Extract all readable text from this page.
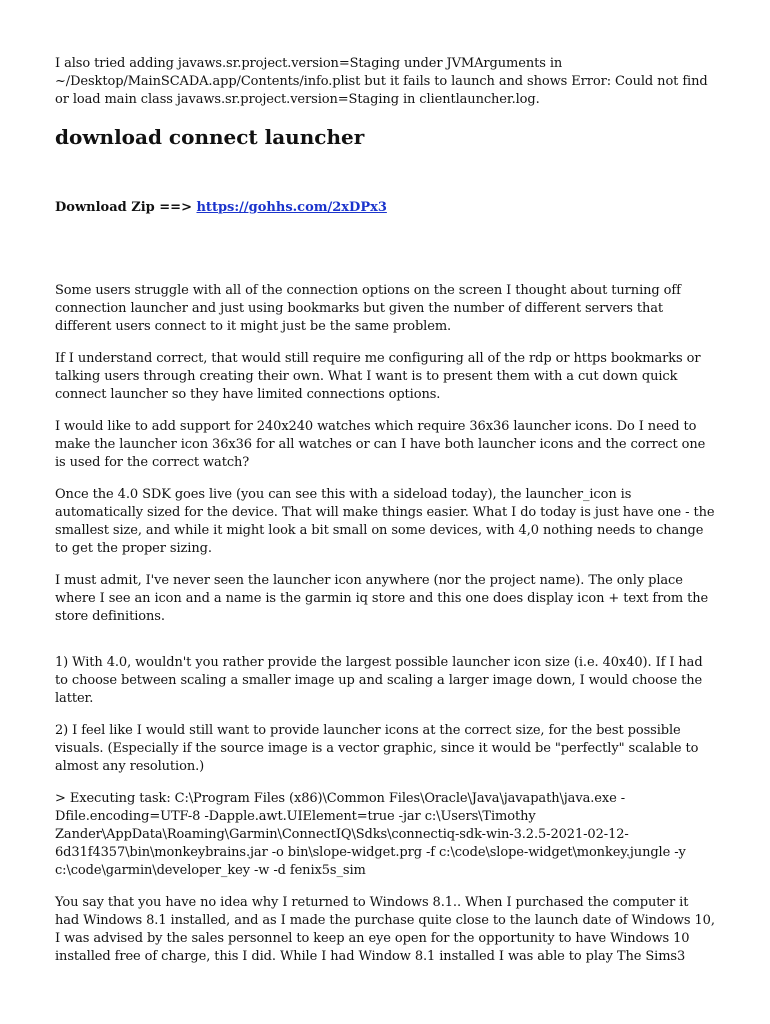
I also tried adding javaws.sr.project.version=Staging under JVMArguments in ~/Desktop/MainSCADA.app/Contents/info.plist but it fails to launch and shows Error: Could not find or load main class javaws.sr.project.version=Staging in clientlauncher.log.

download connect launcher
Download Zip ==> https://gohhs.com/2xDPx3

Some users struggle with all of the connection options on the screen I thought about turning off connection launcher and just using bookmarks but given the number of different servers that different users connect to it might just be the same problem.

If I understand correct, that would still require me configuring all of the rdp or https bookmarks or talking users through creating their own. What I want is to present them with a cut down quick connect launcher so they have limited connections options.

I would like to add support for 240x240 watches which require 36x36 launcher icons. Do I need to make the launcher icon 36x36 for all watches or can I have both launcher icons and the correct one is used for the correct watch?

Once the 4.0 SDK goes live (you can see this with a sideload today), the launcher_icon is automatically sized for the device. That will make things easier. What I do today is just have one - the smallest size, and while it might look a bit small on some devices, with 4,0 nothing needs to change to get the proper sizing.

I must admit, I've never seen the launcher icon anywhere (nor the project name). The only place where I see an icon and a name is the garmin iq store and this one does display icon + text from the store definitions.

1) With 4.0, wouldn't you rather provide the largest possible launcher icon size (i.e. 40x40). If I had to choose between scaling a smaller image up and scaling a larger image down, I would choose the latter.

2) I feel like I would still want to provide launcher icons at the correct size, for the best possible visuals. (Especially if the source image is a vector graphic, since it would be "perfectly" scalable to almost any resolution.)

> Executing task: C:\Program Files (x86)\Common Files\Oracle\Java\javapath\java.exe -Dfile.encoding=UTF-8 -Dapple.awt.UIElement=true -jar c:\Users\Timothy Zander\AppData\Roaming\Garmin\ConnectIQ\Sdks\connectiq-sdk-win-3.2.5-2021-02-12-6d31f4357\bin\monkeybrains.jar -o bin\slope-widget.prg -f c:\code\slope-widget\monkey.jungle -y c:\code\garmin\developer_key -w -d fenix5s_sim

You say that you have no idea why I returned to Windows 8.1.. When I purchased the computer it had Windows 8.1 installed, and as I made the purchase quite close to the launch date of Windows 10, I was advised by the sales personnel to keep an eye open for the opportunity to have Windows 10 installed free of charge, this I did. While I had Window 8.1 installed I was able to play The Sims3
